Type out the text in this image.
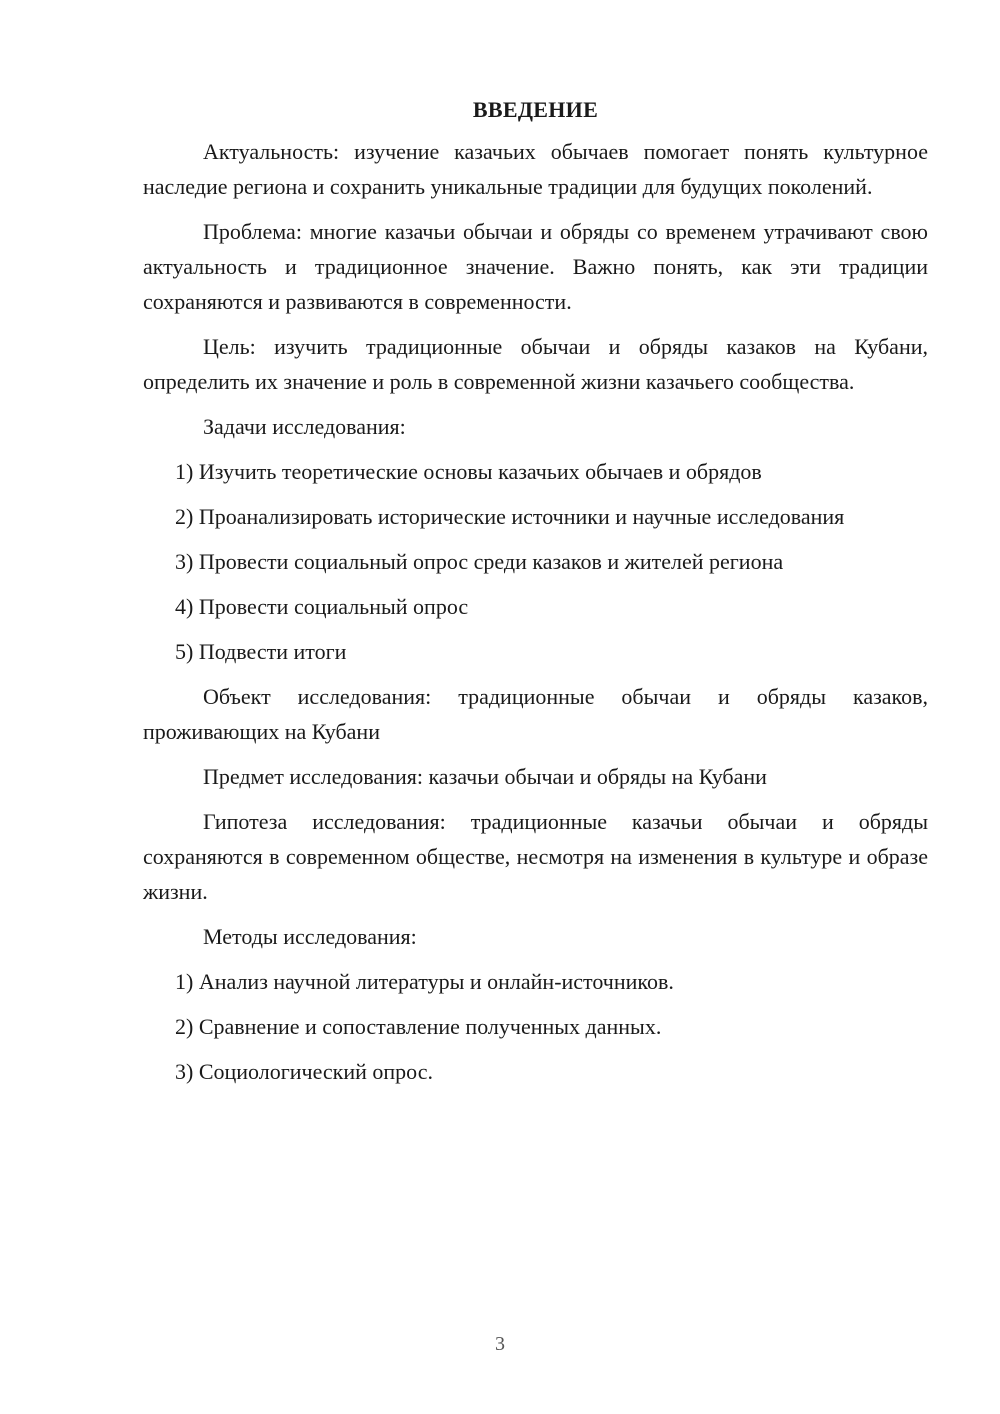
ВВЕДЕНИЕ

Актуальность: изучение казачьих обычаев помогает понять культурное наследие региона и сохранить уникальные традиции для будущих поколений.

Проблема: многие казачьи обычаи и обряды со временем утрачивают свою актуальность и традиционное значение. Важно понять, как эти традиции сохраняются и развиваются в современности.

Цель: изучить традиционные обычаи и обряды казаков на Кубани, определить их значение и роль в современной жизни казачьего сообщества.

Задачи исследования:

1) Изучить теоретические основы казачьих обычаев и обрядов

2) Проанализировать исторические источники и научные исследования

3) Провести социальный опрос среди казаков и жителей региона

4) Провести социальный опрос

5) Подвести итоги

Объект исследования: традиционные обычаи и обряды казаков, проживающих на Кубани

Предмет исследования: казачьи обычаи и обряды на Кубани

Гипотеза исследования: традиционные казачьи обычаи и обряды сохраняются в современном обществе, несмотря на изменения в культуре и образе жизни.

Методы исследования:

1) Анализ научной литературы и онлайн-источников.

2) Сравнение и сопоставление полученных данных.

3) Социологический опрос.

3
